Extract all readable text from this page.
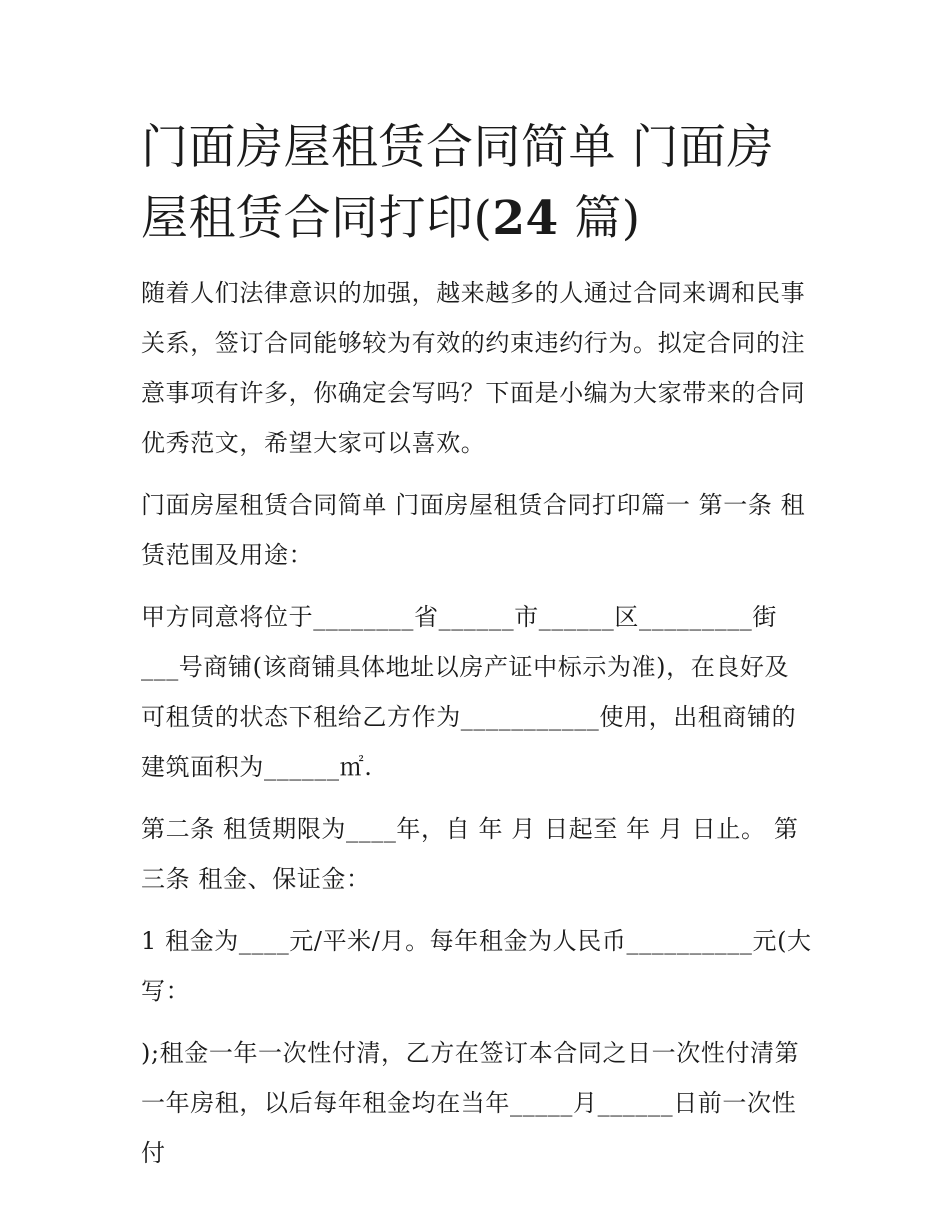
门面房屋租赁合同简单 门面房屋租赁合同打印(24 篇)

随着人们法律意识的加强，越来越多的人通过合同来调和民事关系，签订合同能够较为有效的约束违约行为。拟定合同的注意事项有许多，你确定会写吗？下面是小编为大家带来的合同优秀范文，希望大家可以喜欢。

门面房屋租赁合同简单 门面房屋租赁合同打印篇一 第一条 租赁范围及用途：

甲方同意将位于________省______市______区_________街___号商铺(该商铺具体地址以房产证中标示为准)，在良好及可租赁的状态下租给乙方作为___________使用，出租商铺的建筑面积为______㎡.

第二条 租赁期限为____年，自 年 月 日起至 年 月 日止。 第三条 租金、保证金：

1 租金为____元/平米/月。每年租金为人民币__________元(大写：

);租金一年一次性付清，乙方在签订本合同之日一次性付清第一年房租，以后每年租金均在当年_____月______日前一次性付
